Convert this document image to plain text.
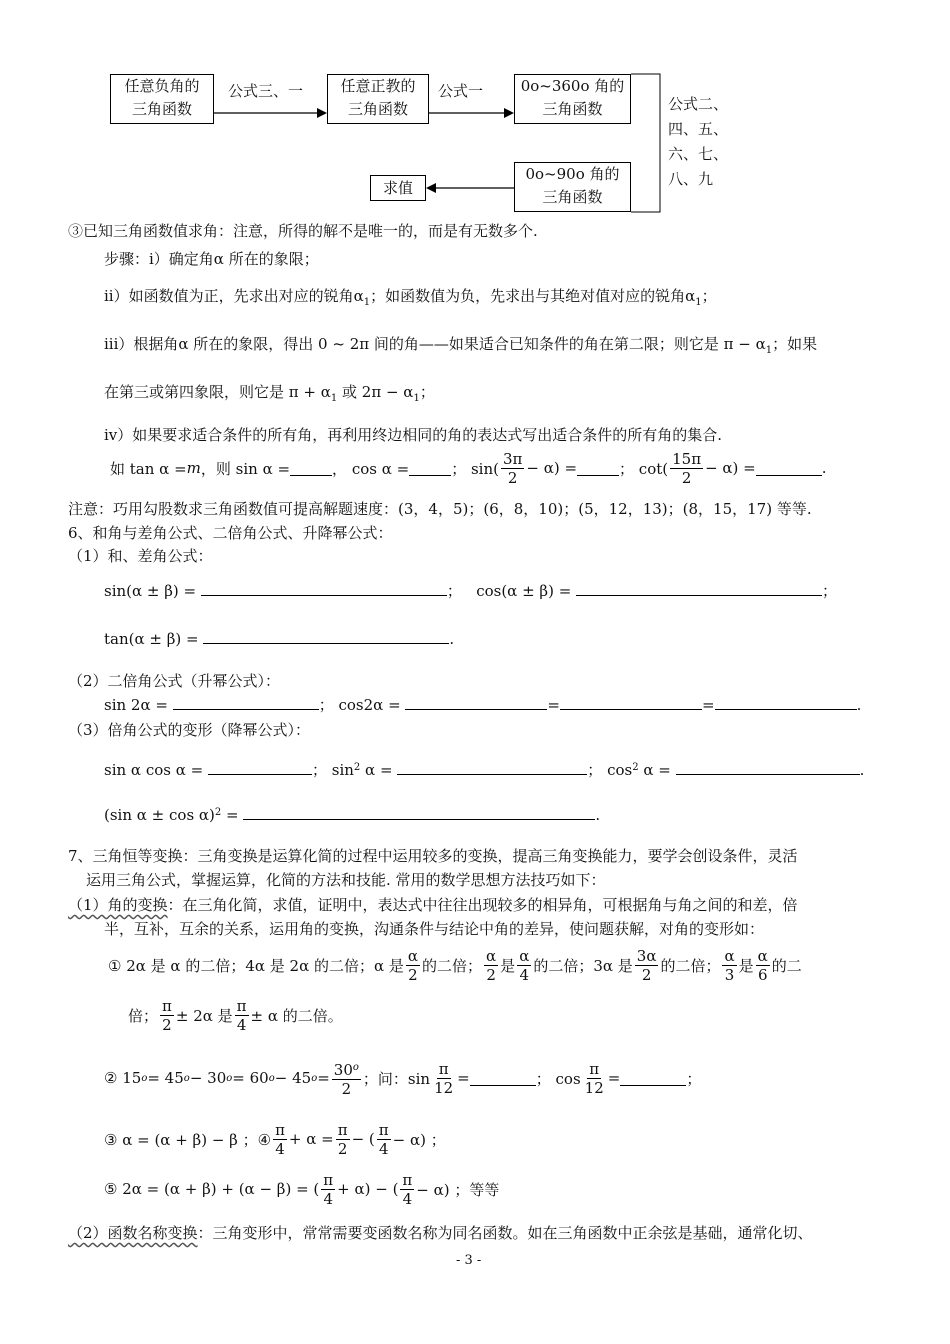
任意负角的
三角函数
公式三、一	任意正教的
三角函数
公式一	0o~360o 角的
三角函数	公式二、
四、五、
六、七、
八、九
0o~90o 角的
三角函数
求值
③已知三角函数值求角：注意，所得的解不是唯一的，而是有无数多个.
步骤：i）确定角α 所在的象限；
ii）如函数值为正，先求出对应的锐角$\alpha_1$；如函数值为负，先求出与其绝对值对应的锐角$\alpha_1$；
iii）根据角α 所在的象限，得出 0 ~ 2π 间的角——如果适合已知条件的角在第二限；则它是 $\pi - \alpha_1$；如果
在第三或第四象限，则它是 $\pi + \alpha_1$ 或 $2\pi - \alpha_1$；
iv）如果要求适合条件的所有角，再利用终边相同的角的表达式写出适合条件的所有角的集合.
如 tan α = m ，则 sin α =	， cos α =	； $\sin( \frac{3\pi}{2} - \alpha)$ =	； $\cot( \frac{15\pi}{2} - \alpha)$ =	.
注意：巧用勾股数求三角函数值可提高解题速度：(3，4，5)；(6，8，10)；(5，12，13)；(8，15，17) 等等.
6、和角与差角公式、二倍角公式、升降幂公式：
（1）和、差角公式：
sin(α ± β) =	； cos(α ± β) =	；
tan(α ± β) =	.
（2）二倍角公式（升幂公式）：
sin 2α =	； cos2α =	=	=	.
（3）倍角公式的变形（降幂公式）：
sin α cos α =	； $\sin^2 \alpha$ =	； $\cos^2 \alpha$ =	.
(sin α ± cos α)$^2$ =	.
7、三角恒等变换：三角变换是运算化简的过程中运用较多的变换，提高三角变换能力，要学会创设条件，灵活
运用三角公式，掌握运算，化简的方法和技能. 常用的数学思想方法技巧如下：
（1）角的变换：在三角化简，求值，证明中，表达式中往往出现较多的相异角，可根据角与角之间的和差，倍
半，互补，互余的关系，运用角的变换，沟通条件与结论中角的差异，使问题获解，对角的变形如：
① 2α 是 α 的二倍；4α 是 2α 的二倍；α 是 $\frac{\alpha}{2}$ 的二倍； $\frac{\alpha}{2}$ 是 $\frac{\alpha}{4}$ 的二倍；3α 是 $\frac{3\alpha}{2}$ 的二倍； $\frac{\alpha}{3}$ 是 $\frac{\alpha}{6}$ 的二
倍； $\frac{\pi}{2} \pm 2\alpha$ 是 $\frac{\pi}{4} \pm \alpha$ 的二倍。
② 15 o = 45 o − 30 o = 60 o − 45 $o = \frac{30^o}{2}$ ；问：$\sin \frac{\pi}{12}$ =	； $\cos \frac{\pi}{12}$ =	；
③ α = (α + β) − β ；④ $\frac{\pi}{4} + \alpha = \frac{\pi}{2}$ − ( $\frac{\pi}{4} - \alpha$) ；
⑤ 2α = (α + β) + (α − β) = ( $\frac{\pi}{4} + \alpha$) − ( $\frac{\pi}{4} - \alpha$) ；等等
（2）函数名称变换：三角变形中，常常需要变函数名称为同名函数。如在三角函数中正余弦是基础，通常化切、
- 3 -
